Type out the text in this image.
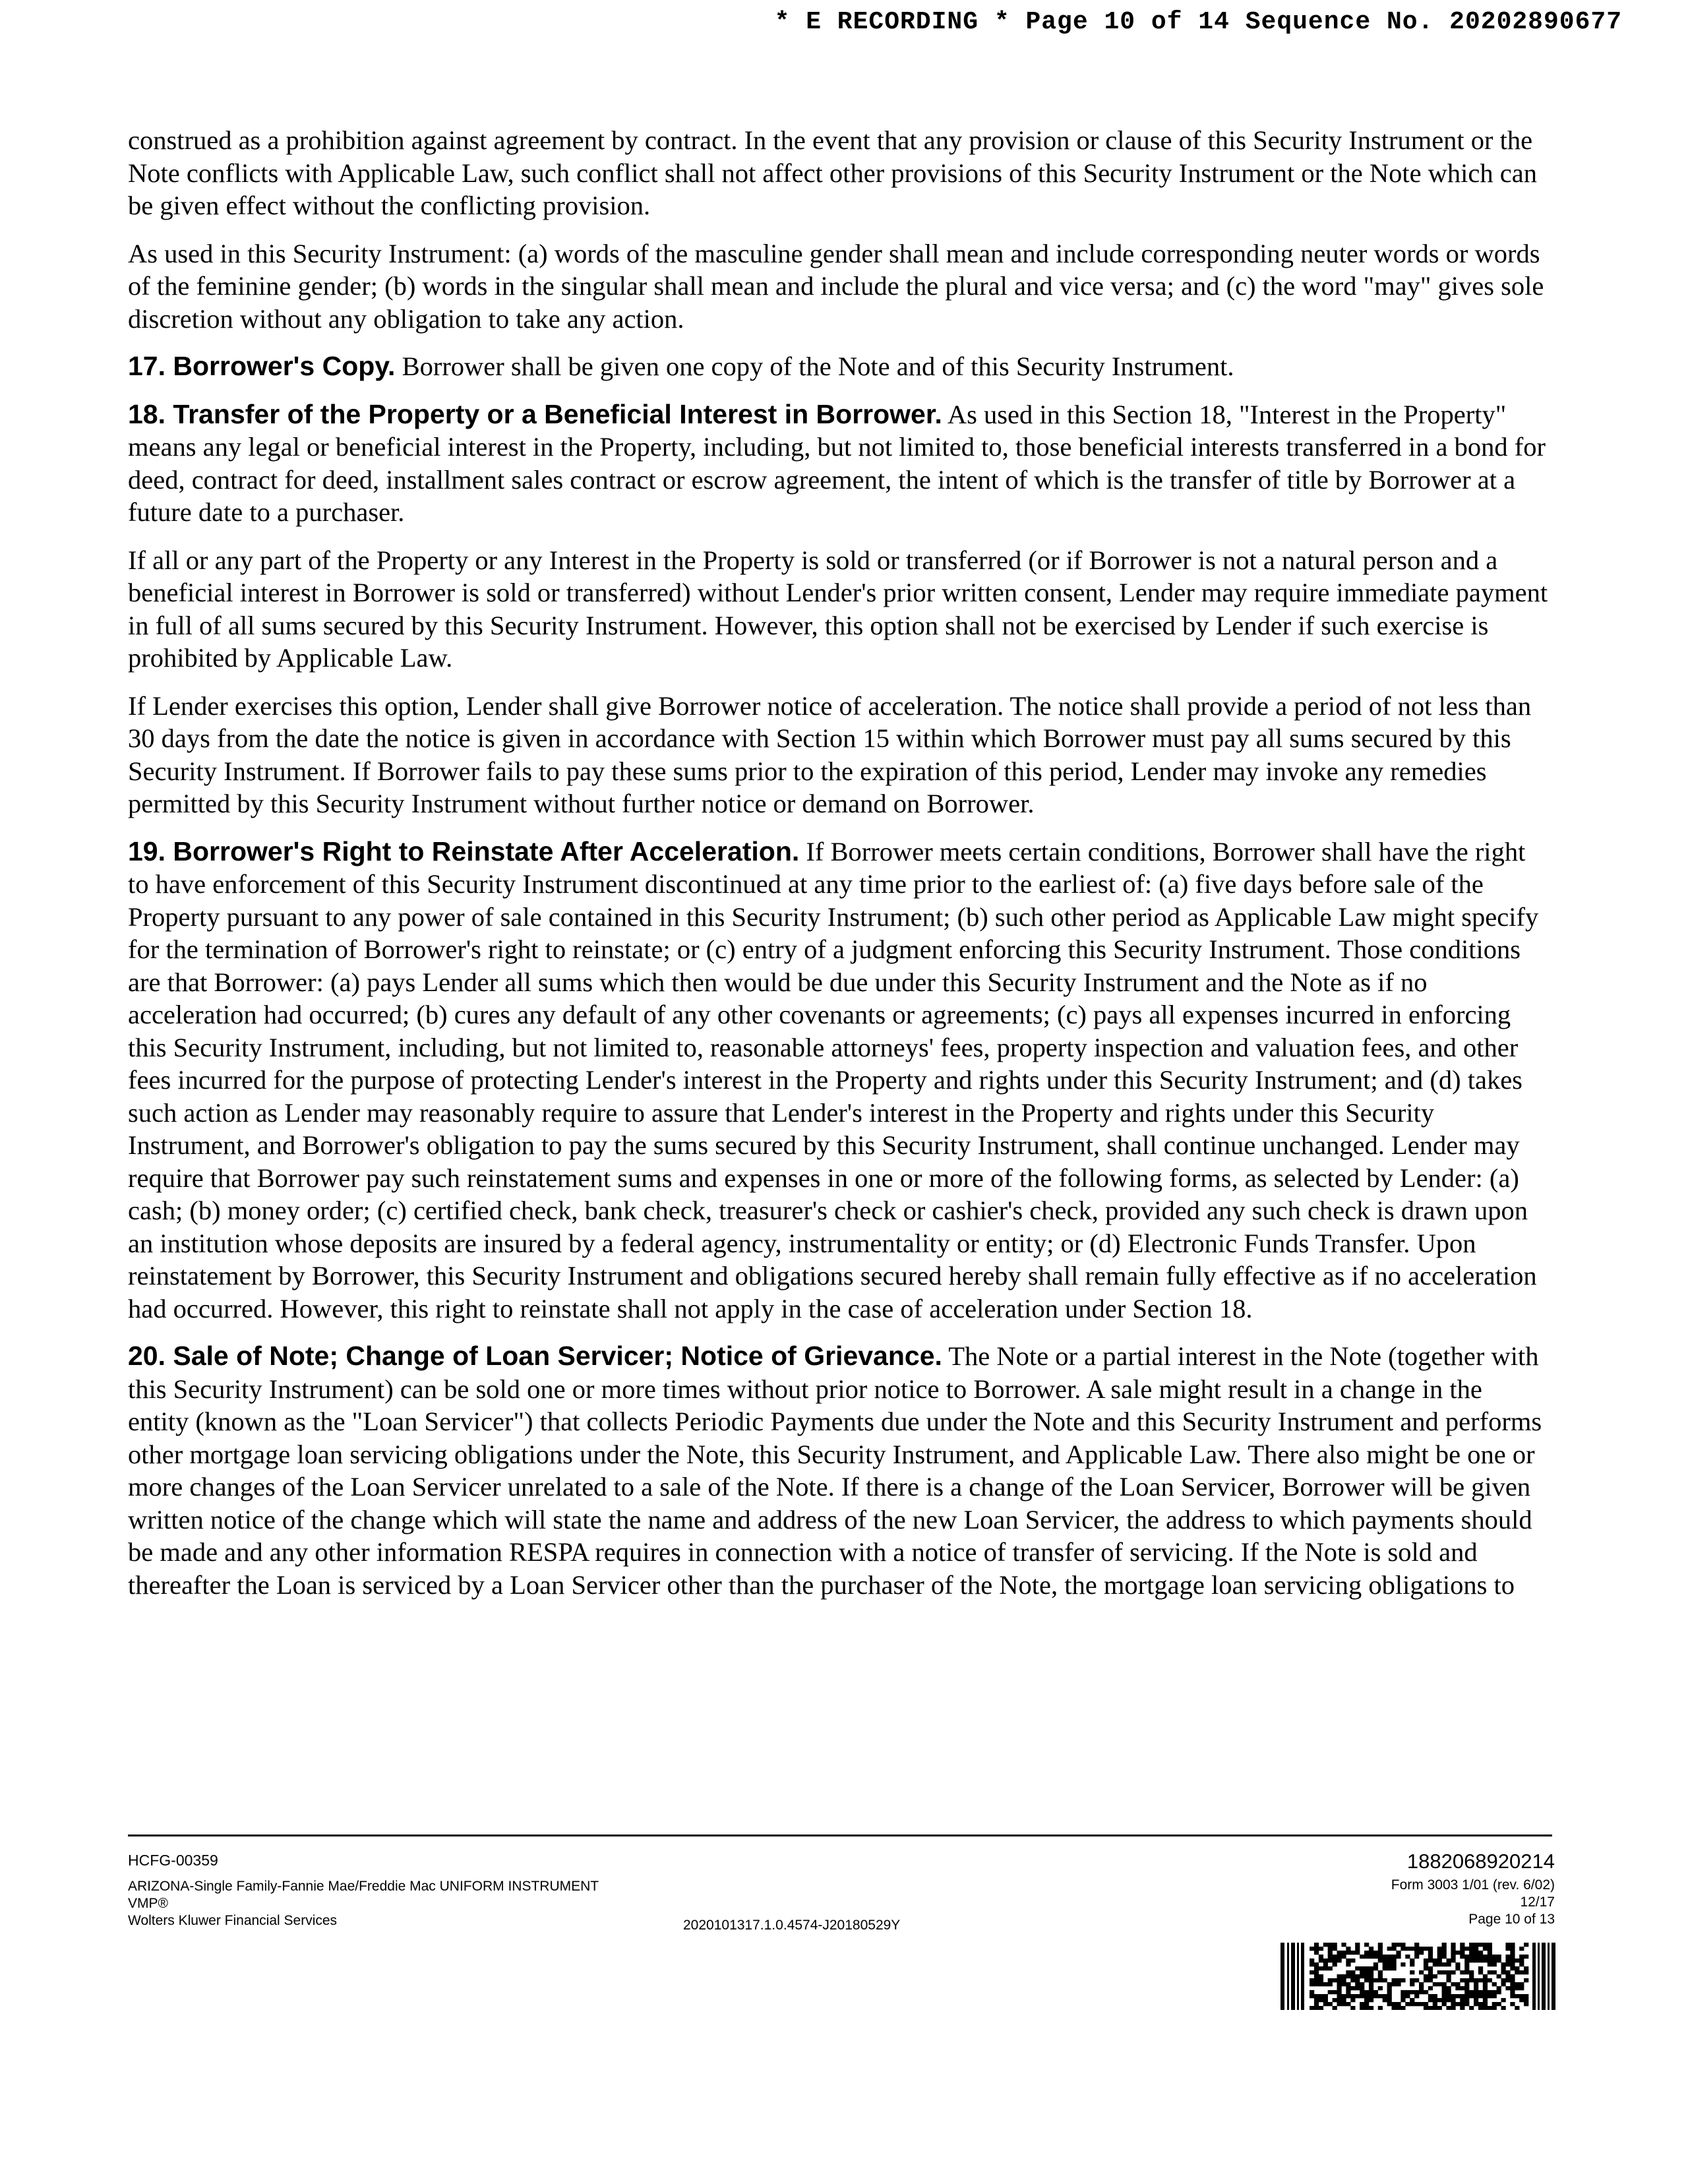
* E RECORDING * Page 10 of 14 Sequence No. 20202890677

construed as a prohibition against agreement by contract. In the event that any provision or clause of this Security Instrument or the Note conflicts with Applicable Law, such conflict shall not affect other provisions of this Security Instrument or the Note which can be given effect without the conflicting provision.

As used in this Security Instrument: (a) words of the masculine gender shall mean and include corresponding neuter words or words of the feminine gender; (b) words in the singular shall mean and include the plural and vice versa; and (c) the word "may" gives sole discretion without any obligation to take any action.

17. Borrower's Copy. Borrower shall be given one copy of the Note and of this Security Instrument.

18. Transfer of the Property or a Beneficial Interest in Borrower. As used in this Section 18, "Interest in the Property" means any legal or beneficial interest in the Property, including, but not limited to, those beneficial interests transferred in a bond for deed, contract for deed, installment sales contract or escrow agreement, the intent of which is the transfer of title by Borrower at a future date to a purchaser.

If all or any part of the Property or any Interest in the Property is sold or transferred (or if Borrower is not a natural person and a beneficial interest in Borrower is sold or transferred) without Lender's prior written consent, Lender may require immediate payment in full of all sums secured by this Security Instrument. However, this option shall not be exercised by Lender if such exercise is prohibited by Applicable Law.

If Lender exercises this option, Lender shall give Borrower notice of acceleration. The notice shall provide a period of not less than 30 days from the date the notice is given in accordance with Section 15 within which Borrower must pay all sums secured by this Security Instrument. If Borrower fails to pay these sums prior to the expiration of this period, Lender may invoke any remedies permitted by this Security Instrument without further notice or demand on Borrower.

19. Borrower's Right to Reinstate After Acceleration. If Borrower meets certain conditions, Borrower shall have the right to have enforcement of this Security Instrument discontinued at any time prior to the earliest of: (a) five days before sale of the Property pursuant to any power of sale contained in this Security Instrument; (b) such other period as Applicable Law might specify for the termination of Borrower's right to reinstate; or (c) entry of a judgment enforcing this Security Instrument. Those conditions are that Borrower: (a) pays Lender all sums which then would be due under this Security Instrument and the Note as if no acceleration had occurred; (b) cures any default of any other covenants or agreements; (c) pays all expenses incurred in enforcing this Security Instrument, including, but not limited to, reasonable attorneys' fees, property inspection and valuation fees, and other fees incurred for the purpose of protecting Lender's interest in the Property and rights under this Security Instrument; and (d) takes such action as Lender may reasonably require to assure that Lender's interest in the Property and rights under this Security Instrument, and Borrower's obligation to pay the sums secured by this Security Instrument, shall continue unchanged. Lender may require that Borrower pay such reinstatement sums and expenses in one or more of the following forms, as selected by Lender: (a) cash; (b) money order; (c) certified check, bank check, treasurer's check or cashier's check, provided any such check is drawn upon an institution whose deposits are insured by a federal agency, instrumentality or entity; or (d) Electronic Funds Transfer. Upon reinstatement by Borrower, this Security Instrument and obligations secured hereby shall remain fully effective as if no acceleration had occurred. However, this right to reinstate shall not apply in the case of acceleration under Section 18.

20. Sale of Note; Change of Loan Servicer; Notice of Grievance. The Note or a partial interest in the Note (together with this Security Instrument) can be sold one or more times without prior notice to Borrower. A sale might result in a change in the entity (known as the "Loan Servicer") that collects Periodic Payments due under the Note and this Security Instrument and performs other mortgage loan servicing obligations under the Note, this Security Instrument, and Applicable Law. There also might be one or more changes of the Loan Servicer unrelated to a sale of the Note. If there is a change of the Loan Servicer, Borrower will be given written notice of the change which will state the name and address of the new Loan Servicer, the address to which payments should be made and any other information RESPA requires in connection with a notice of transfer of servicing. If the Note is sold and thereafter the Loan is serviced by a Loan Servicer other than the purchaser of the Note, the mortgage loan servicing obligations to

HCFG-00359
ARIZONA-Single Family-Fannie Mae/Freddie Mac UNIFORM INSTRUMENT
VMP®
Wolters Kluwer Financial Services	2020101317.1.0.4574-J20180529Y
1882068920214
Form 3003 1/01 (rev. 6/02)
12/17
Page 10 of 13
